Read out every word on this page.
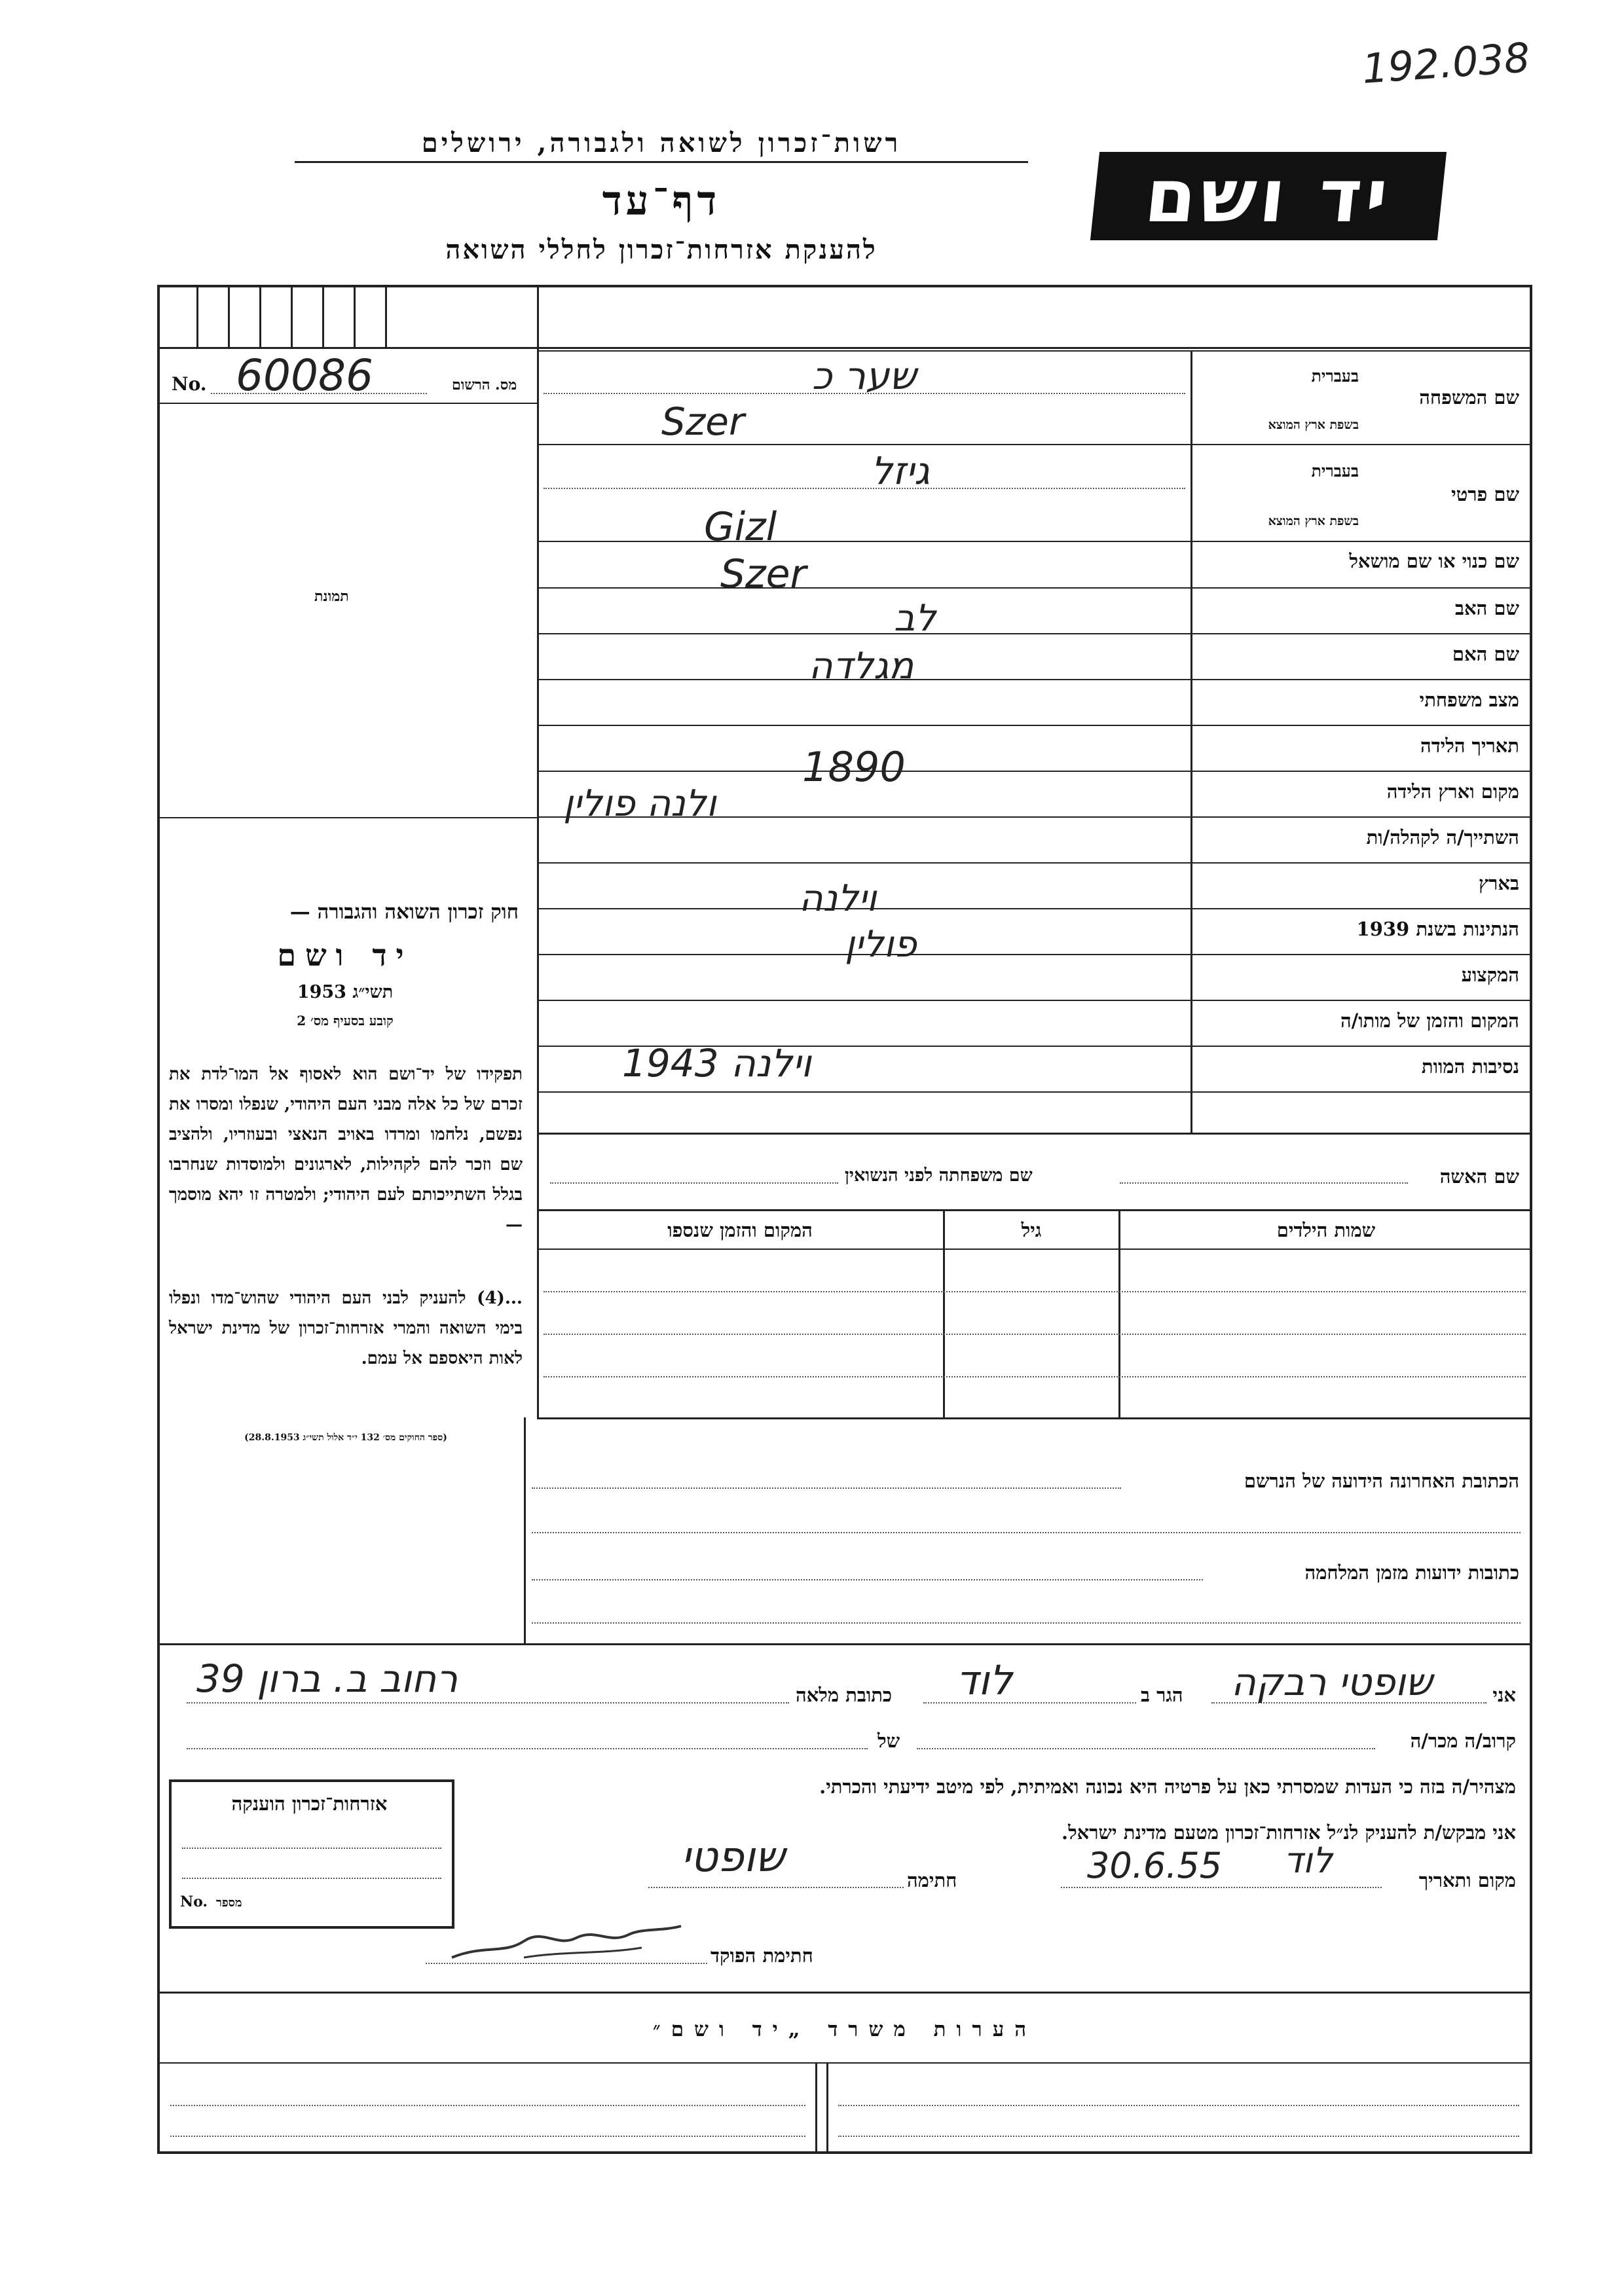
192.038
רשות־זכרון לשואה ולגבורה, ירושלים
דף־עד
להענקת אזרחות־זכרון לחללי השואה
יד ושם
No. 60086	מס. הרשום
תמונת
חוק זכרון השואה והגבורה —
יד ושם
תשי״ג 1953
קובע בסעיף מס׳ 2
תפקידו של יד־ושם הוא לאסוף אל המו־לדת את זכרם של כל אלה מבני העם היהודי, שנפלו ומסרו את נפשם, נלחמו ומרדו באויב הנאצי ובעוזריו, ולהציב שם וזכר להם לקהילות, לארגונים ולמוסדות שנחרבו בגלל השתייכותם לעם היהודי; ולמטרה זו יהא מוסמך —
...(4) להעניק לבני העם היהודי שהוש־מדו ונפלו בימי השואה והמרי אזרחות־זכרון של מדינת ישראל לאות היאספם אל עמם.
(ספר החוקים מס׳ 132 י״ד אלול תשי״ג 28.8.1953)
בעברית
שם המשפחה
בשפת ארץ המוצא
בעברית
שם פרטי
בשפת ארץ המוצא
שם כנוי או שם מושאל
שם האב
שם האם
מצב משפחתי
תאריך הלידה
מקום וארץ הלידה
השתייך/ה לקהלה/ות
בארץ
הנתינות בשנת 1939
המקצוע
המקום והזמן של מותו/ה
נסיבות המוות
שער כ
Szer
גיזל
Gizl
Szer
לב
מגלדה
1890
ולנה פולין
וילנה
פולין
וילנה 1943
שם האשה
שם משפחתה לפני הנשואין
שמות הילדים
גיל
המקום והזמן שנספו
הכתובת האחרונה הידועה של הנרשם
כתובות ידועות מזמן המלחמה
אני
שופטי רבקה
הגר ב
לוד
כתובת מלאה
רחוב ב. ברון 39
קרוב/ה מכר/ה
של
מצהיר/ה בזה כי העדות שמסרתי כאן על פרטיה היא נכונה ואמיתית, לפי מיטב ידיעתי והכרתי.
אני מבקש/ת להעניק לנ״ל אזרחות־זכרון מטעם מדינת ישראל.
מקום ותאריך
לוד
30.6.55
חתימה
שופטי
חתימת הפוקד
אזרחות־זכרון הוענקה
No. מספר
הערות משרד „יד ושם״
